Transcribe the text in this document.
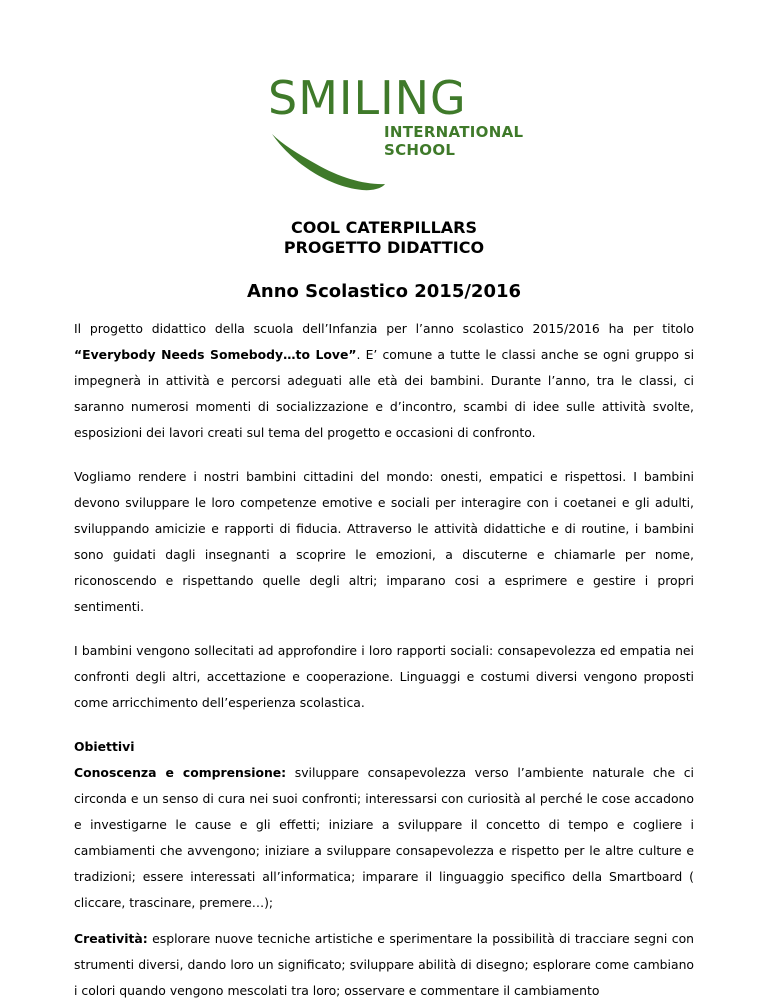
SMILING
INTERNATIONAL
SCHOOL
COOL CATERPILLARS
PROGETTO DIDATTICO
Anno Scolastico 2015/2016

Il progetto didattico della scuola dell’Infanzia per l’anno scolastico 2015/2016 ha per titolo “Everybody Needs Somebody…to Love”. E’ comune a tutte le classi anche se ogni gruppo si impegnerà in attività e percorsi adeguati alle età dei bambini. Durante l’anno, tra le classi, ci saranno numerosi momenti di socializzazione e d’incontro, scambi di idee sulle attività svolte, esposizioni dei lavori creati sul tema del progetto e occasioni di confronto.

Vogliamo rendere i nostri bambini cittadini del mondo: onesti, empatici e rispettosi. I bambini devono sviluppare le loro competenze emotive e sociali per interagire con i coetanei e gli adulti, sviluppando amicizie e rapporti di fiducia. Attraverso le attività didattiche e di routine, i bambini sono guidati dagli insegnanti a scoprire le emozioni, a discuterne e chiamarle per nome, riconoscendo e rispettando quelle degli altri; imparano cosi a esprimere e gestire i propri sentimenti.

I bambini vengono sollecitati ad approfondire i loro rapporti sociali: consapevolezza ed empatia nei confronti degli altri, accettazione e cooperazione. Linguaggi e costumi diversi vengono proposti come arricchimento dell’esperienza scolastica.

Obiettivi

Conoscenza e comprensione: sviluppare consapevolezza verso l’ambiente naturale che ci circonda e un senso di cura nei suoi confronti; interessarsi con curiosità al perché le cose accadono e investigarne le cause e gli effetti; iniziare a sviluppare il concetto di tempo e cogliere i cambiamenti che avvengono; iniziare a sviluppare consapevolezza e rispetto per le altre culture e tradizioni; essere interessati all’informatica; imparare il linguaggio specifico della Smartboard ( cliccare, trascinare, premere…);

Creatività: esplorare nuove tecniche artistiche e sperimentare la possibilità di tracciare segni con strumenti diversi, dando loro un significato; sviluppare abilità di disegno; esplorare come cambiano i colori quando vengono mescolati tra loro; osservare e commentare il cambiamento
